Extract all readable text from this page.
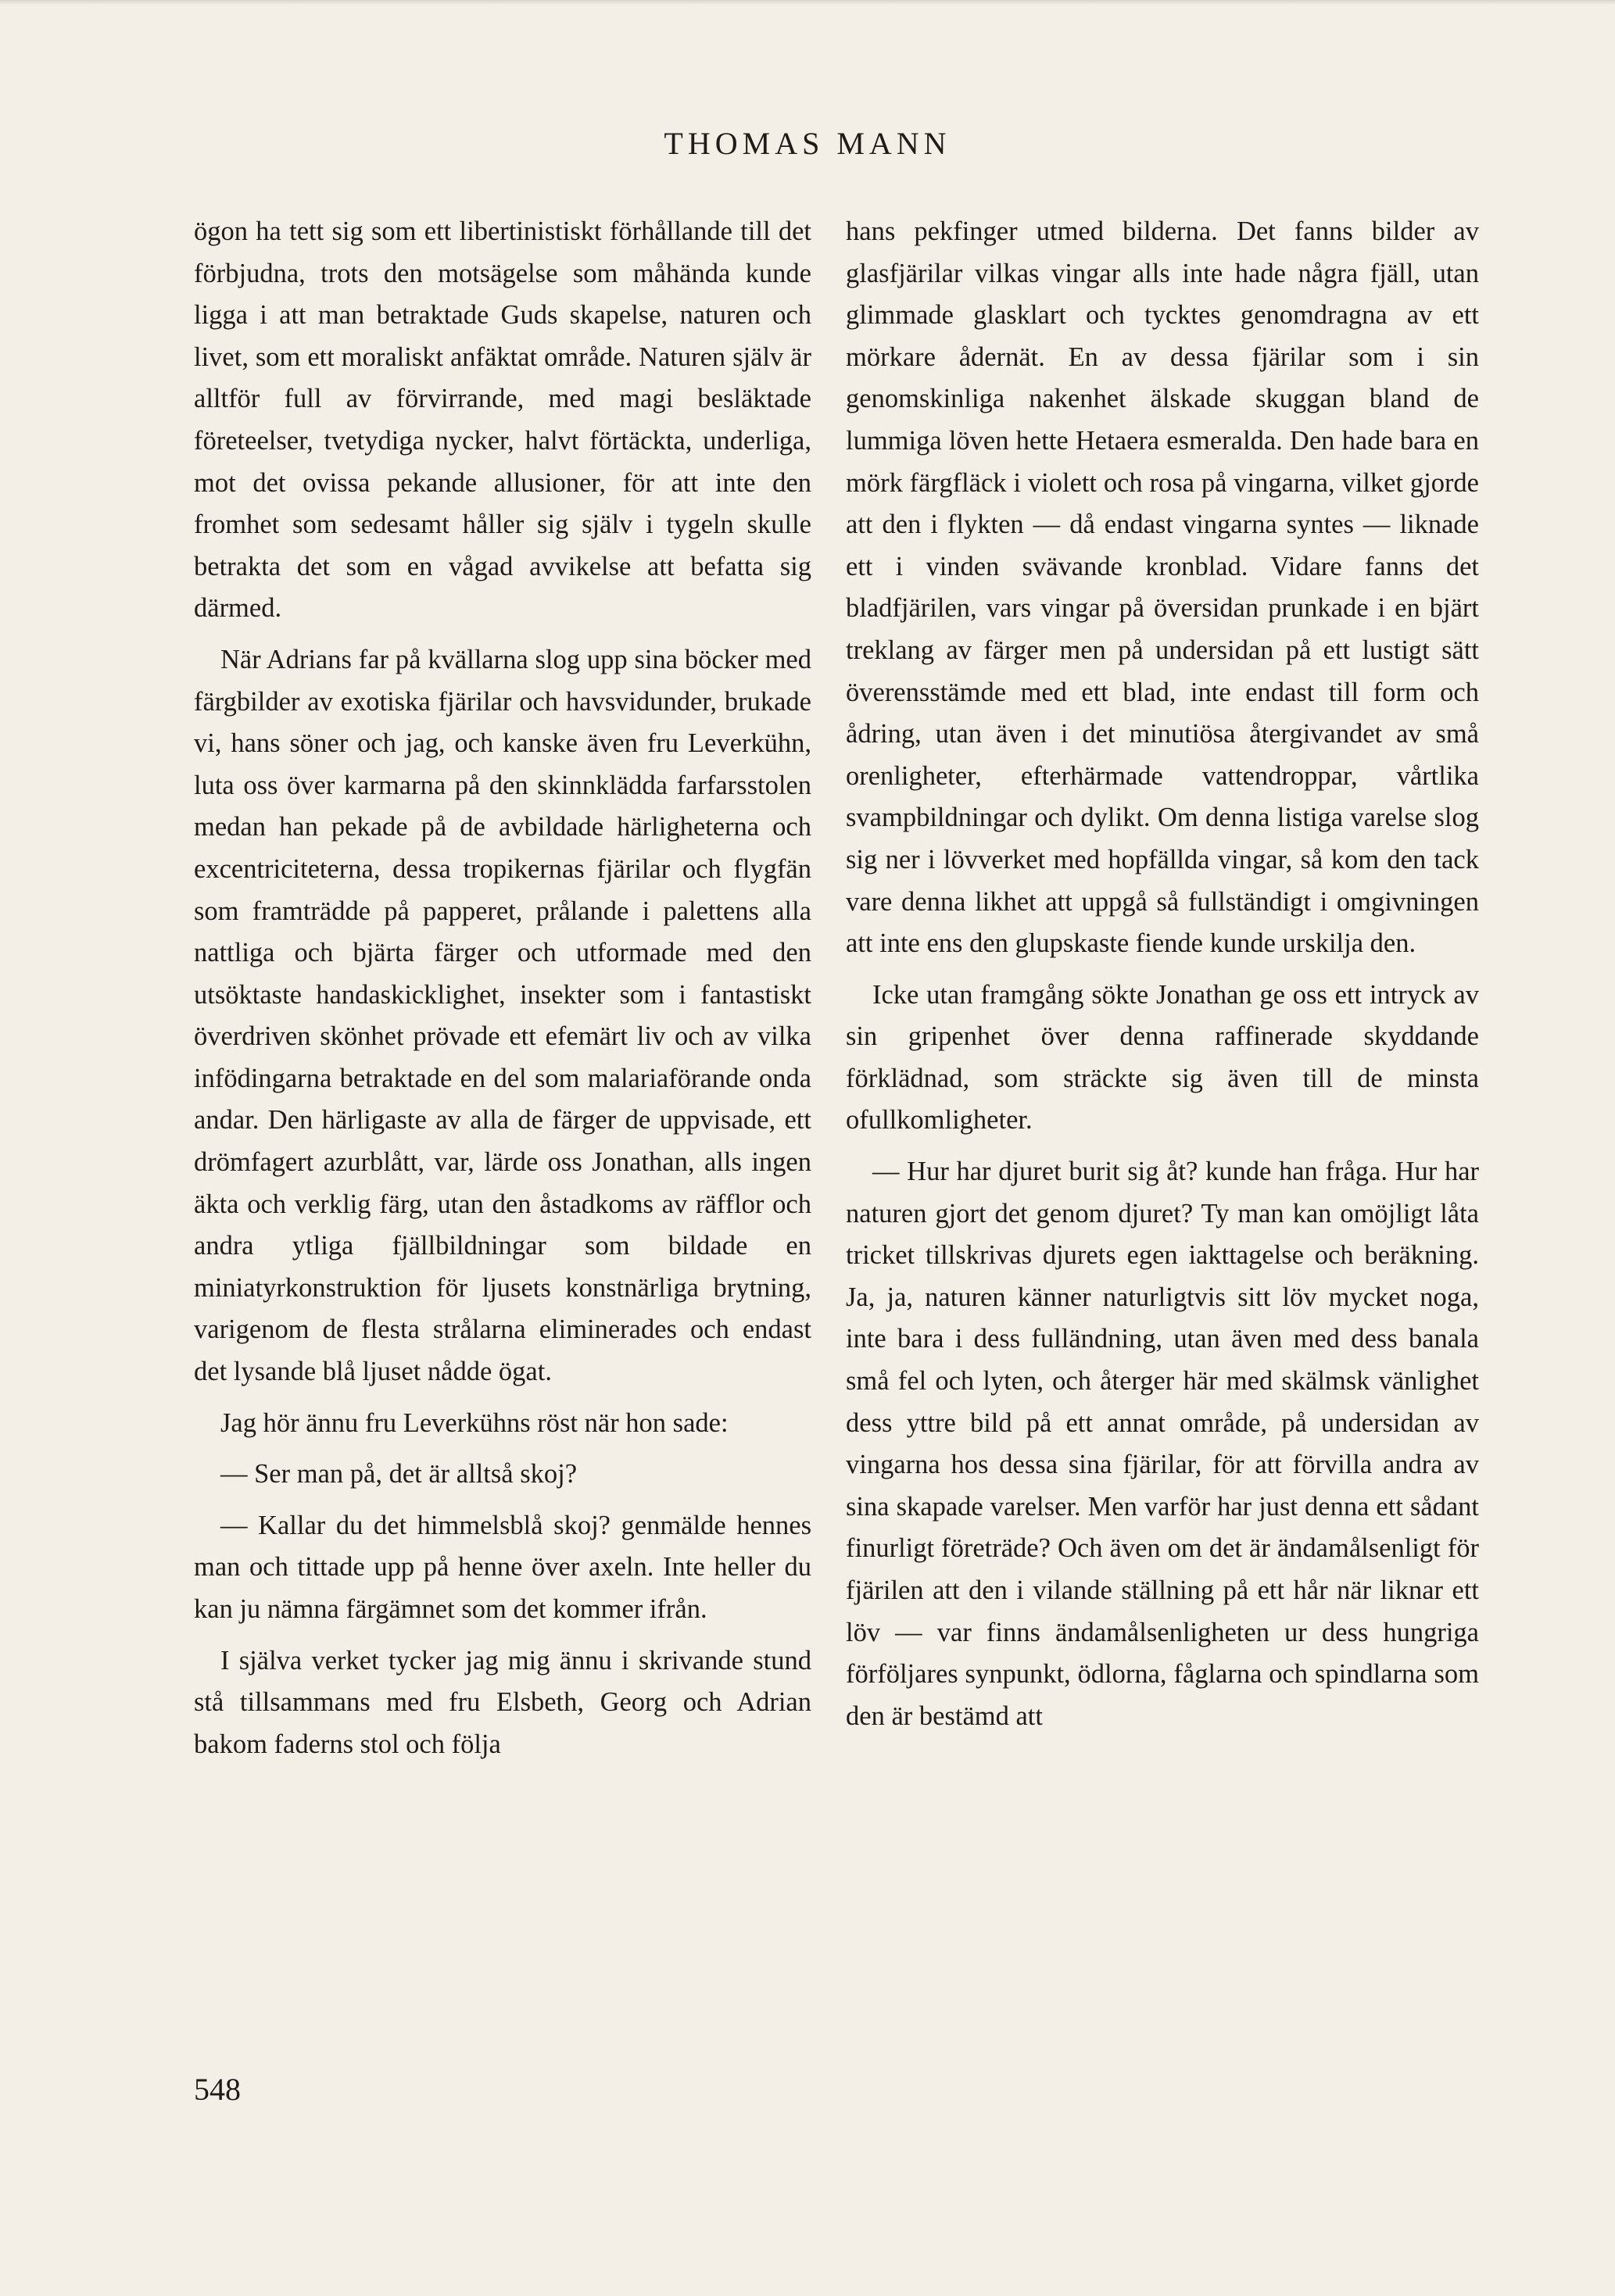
THOMAS MANN

ögon ha tett sig som ett libertinistiskt förhållande till det förbjudna, trots den motsägelse som måhända kunde ligga i att man betraktade Guds skapelse, naturen och livet, som ett moraliskt anfäktat område. Naturen själv är alltför full av förvirrande, med magi besläktade företeelser, tvetydiga nycker, halvt förtäckta, underliga, mot det ovissa pekande allusioner, för att inte den fromhet som sedesamt håller sig själv i tygeln skulle betrakta det som en vågad avvikelse att befatta sig därmed.

När Adrians far på kvällarna slog upp sina böcker med färgbilder av exotiska fjärilar och havsvidunder, brukade vi, hans söner och jag, och kanske även fru Leverkühn, luta oss över karmarna på den skinnklädda farfarsstolen medan han pekade på de avbildade härligheterna och excentriciteterna, dessa tropikernas fjärilar och flygfän som framträdde på papperet, prålande i palettens alla nattliga och bjärta färger och utformade med den utsöktaste handaskicklighet, insekter som i fantastiskt överdriven skönhet prövade ett efemärt liv och av vilka infödingarna betraktade en del som malariaförande onda andar. Den härligaste av alla de färger de uppvisade, ett drömfagert azurblått, var, lärde oss Jonathan, alls ingen äkta och verklig färg, utan den åstadkoms av räfflor och andra ytliga fjällbildningar som bildade en miniatyrkonstruktion för ljusets konstnärliga brytning, varigenom de flesta strålarna eliminerades och endast det lysande blå ljuset nådde ögat.

Jag hör ännu fru Leverkühns röst när hon sade:

— Ser man på, det är alltså skoj?

— Kallar du det himmelsblå skoj? genmälde hennes man och tittade upp på henne över axeln. Inte heller du kan ju nämna färgämnet som det kommer ifrån.

I själva verket tycker jag mig ännu i skrivande stund stå tillsammans med fru Elsbeth, Georg och Adrian bakom faderns stol och följa

hans pekfinger utmed bilderna. Det fanns bilder av glasfjärilar vilkas vingar alls inte hade några fjäll, utan glimmade glasklart och tycktes genomdragna av ett mörkare ådernät. En av dessa fjärilar som i sin genomskinliga nakenhet älskade skuggan bland de lummiga löven hette Hetaera esmeralda. Den hade bara en mörk färgfläck i violett och rosa på vingarna, vilket gjorde att den i flykten — då endast vingarna syntes — liknade ett i vinden svävande kronblad. Vidare fanns det bladfjärilen, vars vingar på översidan prunkade i en bjärt treklang av färger men på undersidan på ett lustigt sätt överensstämde med ett blad, inte endast till form och ådring, utan även i det minutiösa återgivandet av små orenligheter, efterhärmade vattendroppar, vårtlika svampbildningar och dylikt. Om denna listiga varelse slog sig ner i lövverket med hopfällda vingar, så kom den tack vare denna likhet att uppgå så fullständigt i omgivningen att inte ens den glupskaste fiende kunde urskilja den.

Icke utan framgång sökte Jonathan ge oss ett intryck av sin gripenhet över denna raffinerade skyddande förklädnad, som sträckte sig även till de minsta ofullkomligheter.

— Hur har djuret burit sig åt? kunde han fråga. Hur har naturen gjort det genom djuret? Ty man kan omöjligt låta tricket tillskrivas djurets egen iakttagelse och beräkning. Ja, ja, naturen känner naturligtvis sitt löv mycket noga, inte bara i dess fulländning, utan även med dess banala små fel och lyten, och återger här med skälmsk vänlighet dess yttre bild på ett annat område, på undersidan av vingarna hos dessa sina fjärilar, för att förvilla andra av sina skapade varelser. Men varför har just denna ett sådant finurligt företräde? Och även om det är ändamålsenligt för fjärilen att den i vilande ställning på ett hår när liknar ett löv — var finns ändamålsenligheten ur dess hungriga förföljares synpunkt, ödlorna, fåglarna och spindlarna som den är bestämd att

548
